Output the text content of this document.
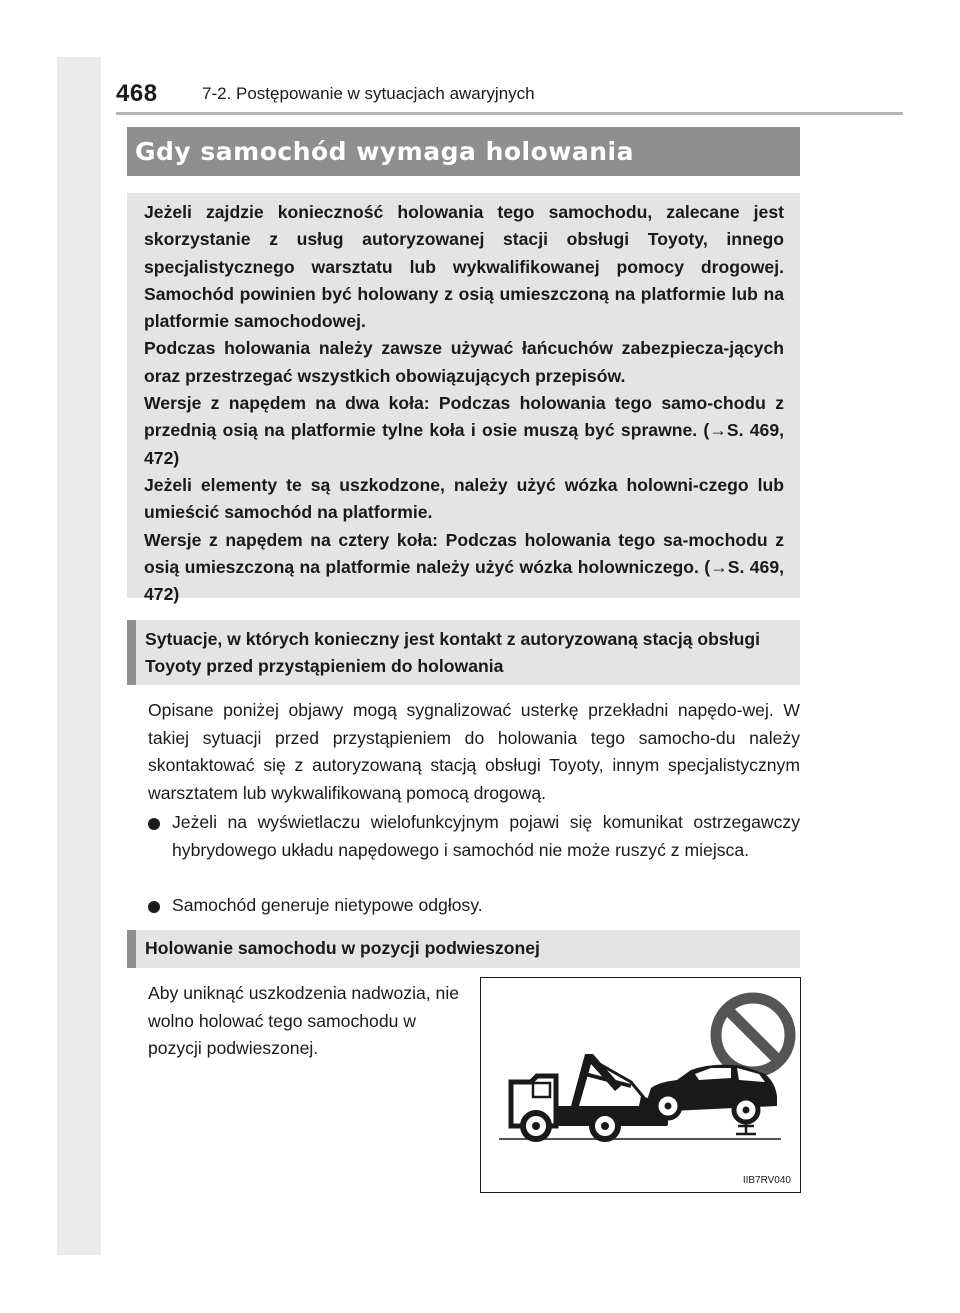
468	7-2. Postępowanie w sytuacjach awaryjnych
Gdy samochód wymaga holowania

Jeżeli zajdzie konieczność holowania tego samochodu, zalecane jest skorzystanie z usług autoryzowanej stacji obsługi Toyoty, innego specjalistycznego warsztatu lub wykwalifikowanej pomocy drogowej. Samochód powinien być holowany z osią umieszczoną na platformie lub na platformie samochodowej.

Podczas holowania należy zawsze używać łańcuchów zabezpiecza-jących oraz przestrzegać wszystkich obowiązujących przepisów.

Wersje z napędem na dwa koła: Podczas holowania tego samo-chodu z przednią osią na platformie tylne koła i osie muszą być sprawne. (→S. 469, 472)

Jeżeli elementy te są uszkodzone, należy użyć wózka holowni-czego lub umieścić samochód na platformie.

Wersje z napędem na cztery koła: Podczas holowania tego sa-mochodu z osią umieszczoną na platformie należy użyć wózka holowniczego. (→S. 469, 472)

Sytuacje, w których konieczny jest kontakt z autoryzowaną stacją obsługi Toyoty przed przystąpieniem do holowania

Opisane poniżej objawy mogą sygnalizować usterkę przekładni napędo-wej. W takiej sytuacji przed przystąpieniem do holowania tego samocho-du należy skontaktować się z autoryzowaną stacją obsługi Toyoty, innym specjalistycznym warsztatem lub wykwalifikowaną pomocą drogową.

Jeżeli na wyświetlaczu wielofunkcyjnym pojawi się komunikat ostrzegawczy hybrydowego układu napędowego i samochód nie może ruszyć z miejsca.
Samochód generuje nietypowe odgłosy.
Holowanie samochodu w pozycji podwieszonej

Aby uniknąć uszkodzenia nadwozia, nie wolno holować tego samochodu w pozycji podwieszonej.

IIB7RV040
